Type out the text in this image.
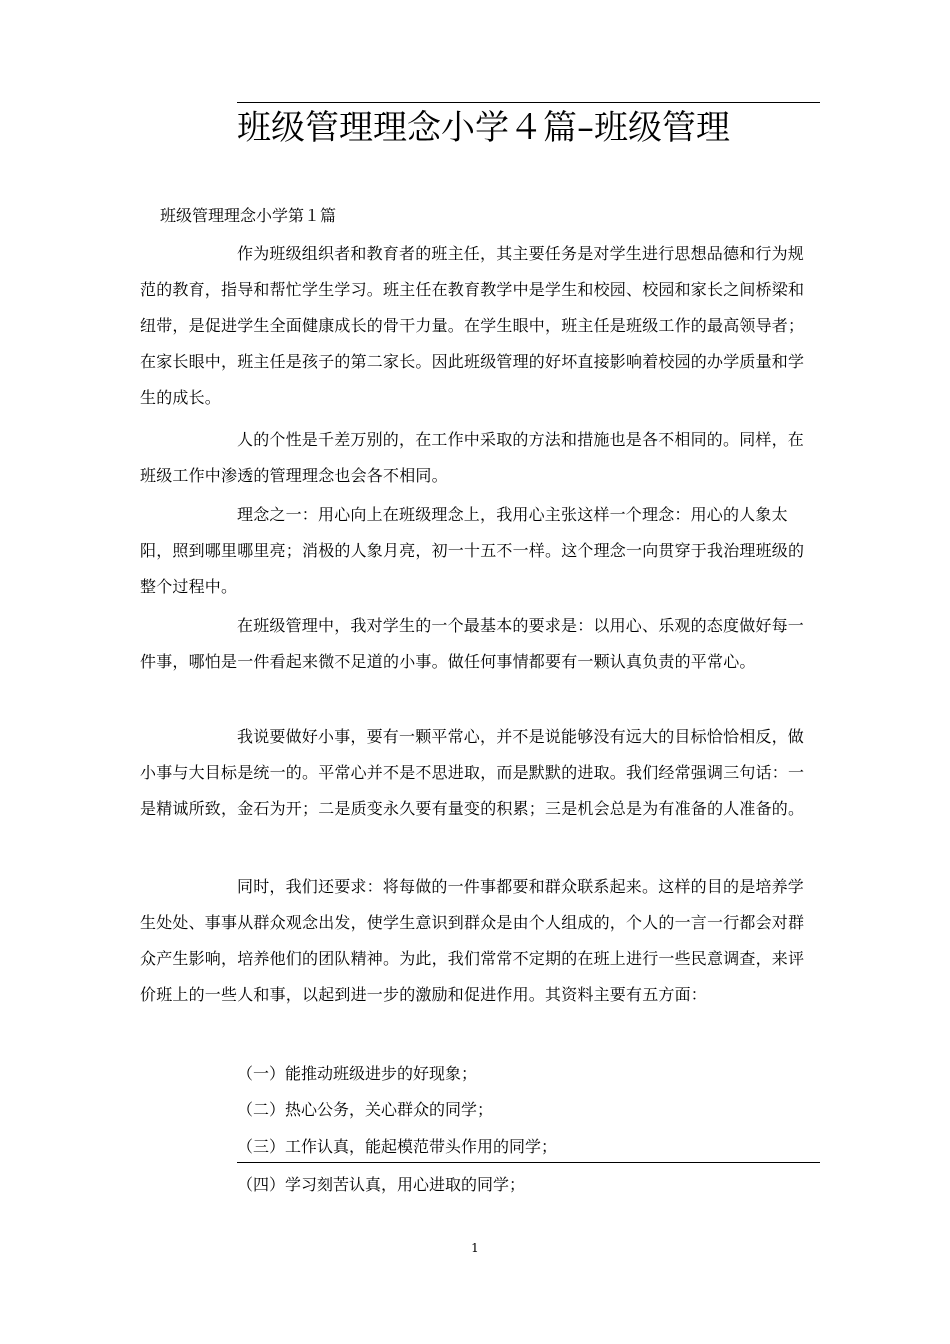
班级管理理念小学４篇–班级管理
班级管理理念小学第１篇

作为班级组织者和教育者的班主任，其主要任务是对学生进行思想品德和行为规范的教育，指导和帮忙学生学习。班主任在教育教学中是学生和校园、校园和家长之间桥梁和纽带，是促进学生全面健康成长的骨干力量。在学生眼中，班主任是班级工作的最高领导者；在家长眼中，班主任是孩子的第二家长。因此班级管理的好坏直接影响着校园的办学质量和学生的成长。

人的个性是千差万别的，在工作中采取的方法和措施也是各不相同的。同样，在班级工作中渗透的管理理念也会各不相同。

理念之一：用心向上在班级理念上，我用心主张这样一个理念：用心的人象太阳，照到哪里哪里亮；消极的人象月亮，初一十五不一样。这个理念一向贯穿于我治理班级的整个过程中。

在班级管理中，我对学生的一个最基本的要求是：以用心、乐观的态度做好每一件事，哪怕是一件看起来微不足道的小事。做任何事情都要有一颗认真负责的平常心。

我说要做好小事，要有一颗平常心，并不是说能够没有远大的目标恰恰相反，做小事与大目标是统一的。平常心并不是不思进取，而是默默的进取。我们经常强调三句话：一是精诚所致，金石为开；二是质变永久要有量变的积累；三是机会总是为有准备的人准备的。

同时，我们还要求：将每做的一件事都要和群众联系起来。这样的目的是培养学生处处、事事从群众观念出发，使学生意识到群众是由个人组成的，个人的一言一行都会对群众产生影响，培养他们的团队精神。为此，我们常常不定期的在班上进行一些民意调查，来评价班上的一些人和事，以起到进一步的激励和促进作用。其资料主要有五方面：

（一）能推动班级进步的好现象；
（二）热心公务，关心群众的同学；
（三）工作认真，能起模范带头作用的同学；
（四）学习刻苦认真，用心进取的同学；
1
